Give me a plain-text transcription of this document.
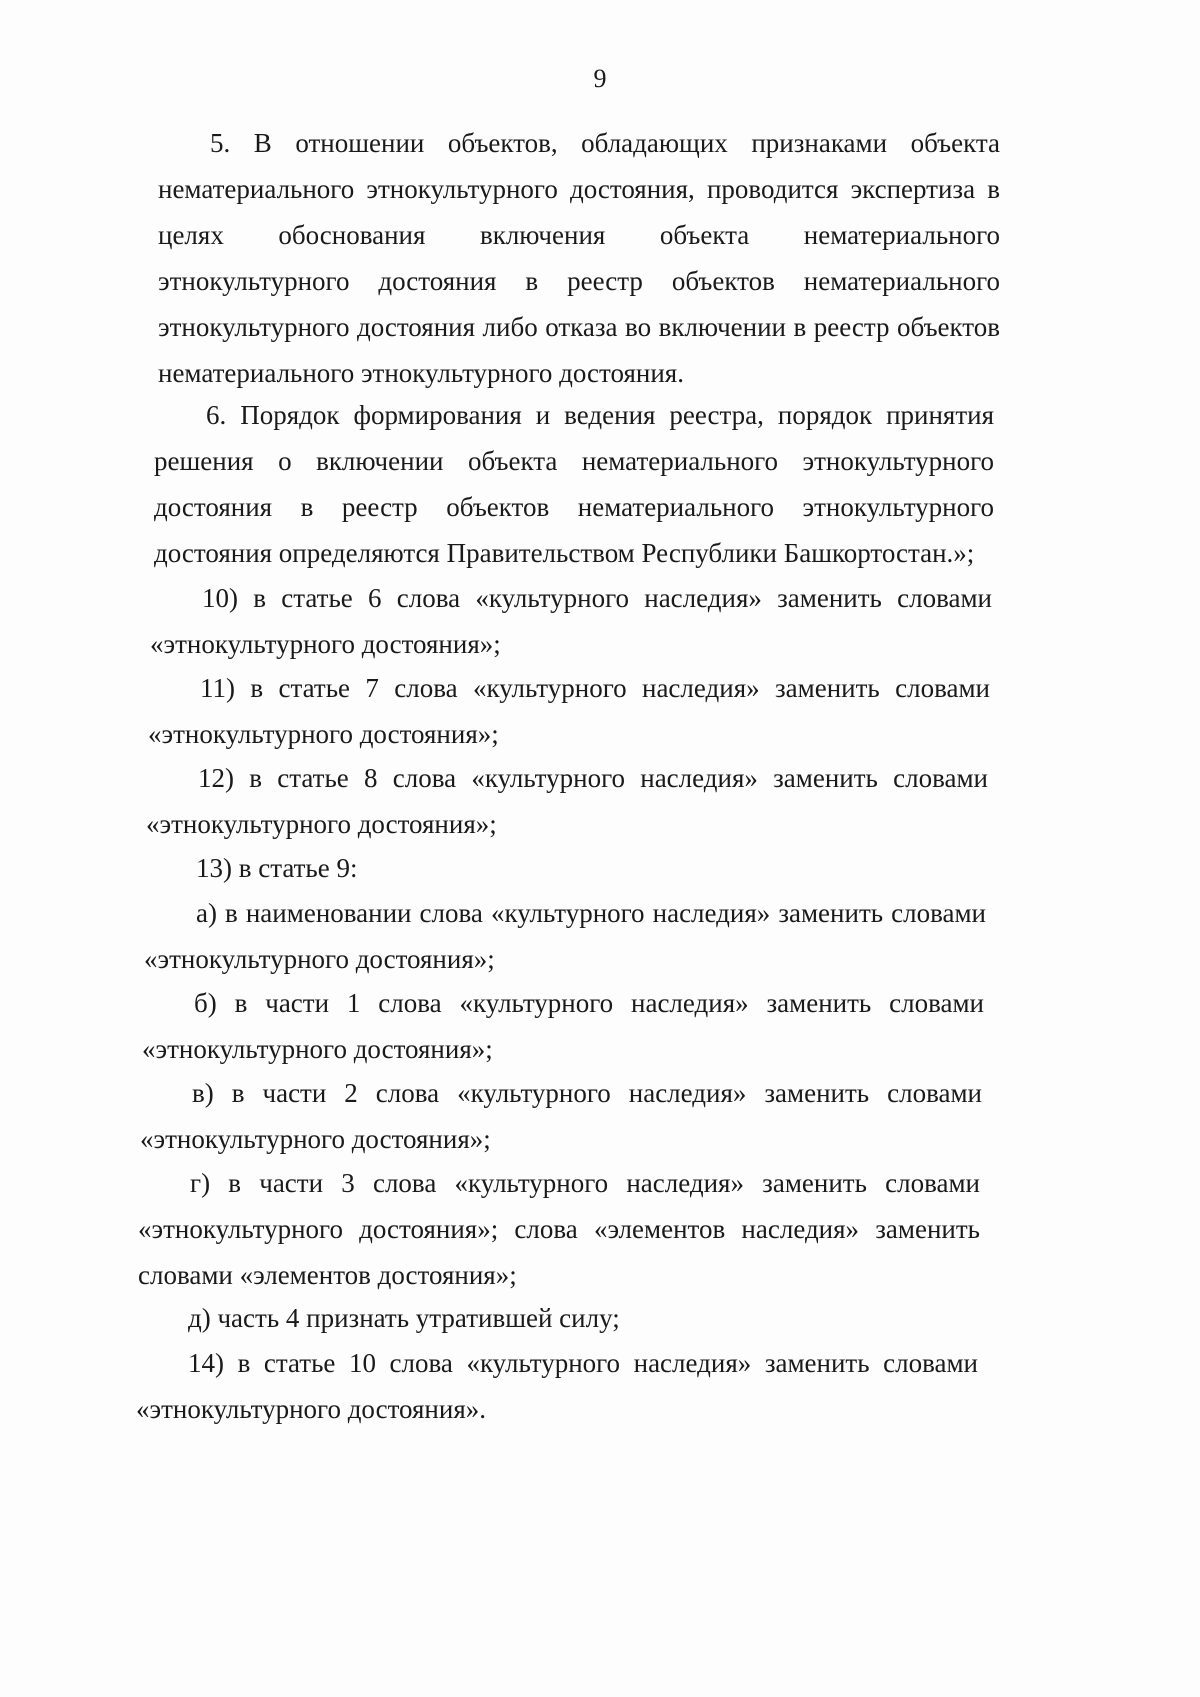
9

5. В отношении объектов, обладающих признаками объекта нематериального этнокультурного достояния, проводится экспертиза в целях обоснования включения объекта нематериального этнокультурного достояния в реестр объектов нематериального этнокультурного достояния либо отказа во включении в реестр объектов нематериального этнокультурного достояния.

6. Порядок формирования и ведения реестра, порядок принятия решения о включении объекта нематериального этнокультурного достояния в реестр объектов нематериального этнокультурного достояния определяются Правительством Республики Башкортостан.»;

10) в статье 6 слова «культурного наследия» заменить словами «этнокультурного достояния»;

11) в статье 7 слова «культурного наследия» заменить словами «этнокультурного достояния»;

12) в статье 8 слова «культурного наследия» заменить словами «этнокультурного достояния»;

13) в статье 9:

а) в наименовании слова «культурного наследия» заменить словами «этнокультурного достояния»;

б) в части 1 слова «культурного наследия» заменить словами «этнокультурного достояния»;

в) в части 2 слова «культурного наследия» заменить словами «этнокультурного достояния»;

г) в части 3 слова «культурного наследия» заменить словами «этнокультурного достояния»; слова «элементов наследия» заменить словами «элементов достояния»;

д) часть 4 признать утратившей силу;

14) в статье 10 слова «культурного наследия» заменить словами «этнокультурного достояния».
